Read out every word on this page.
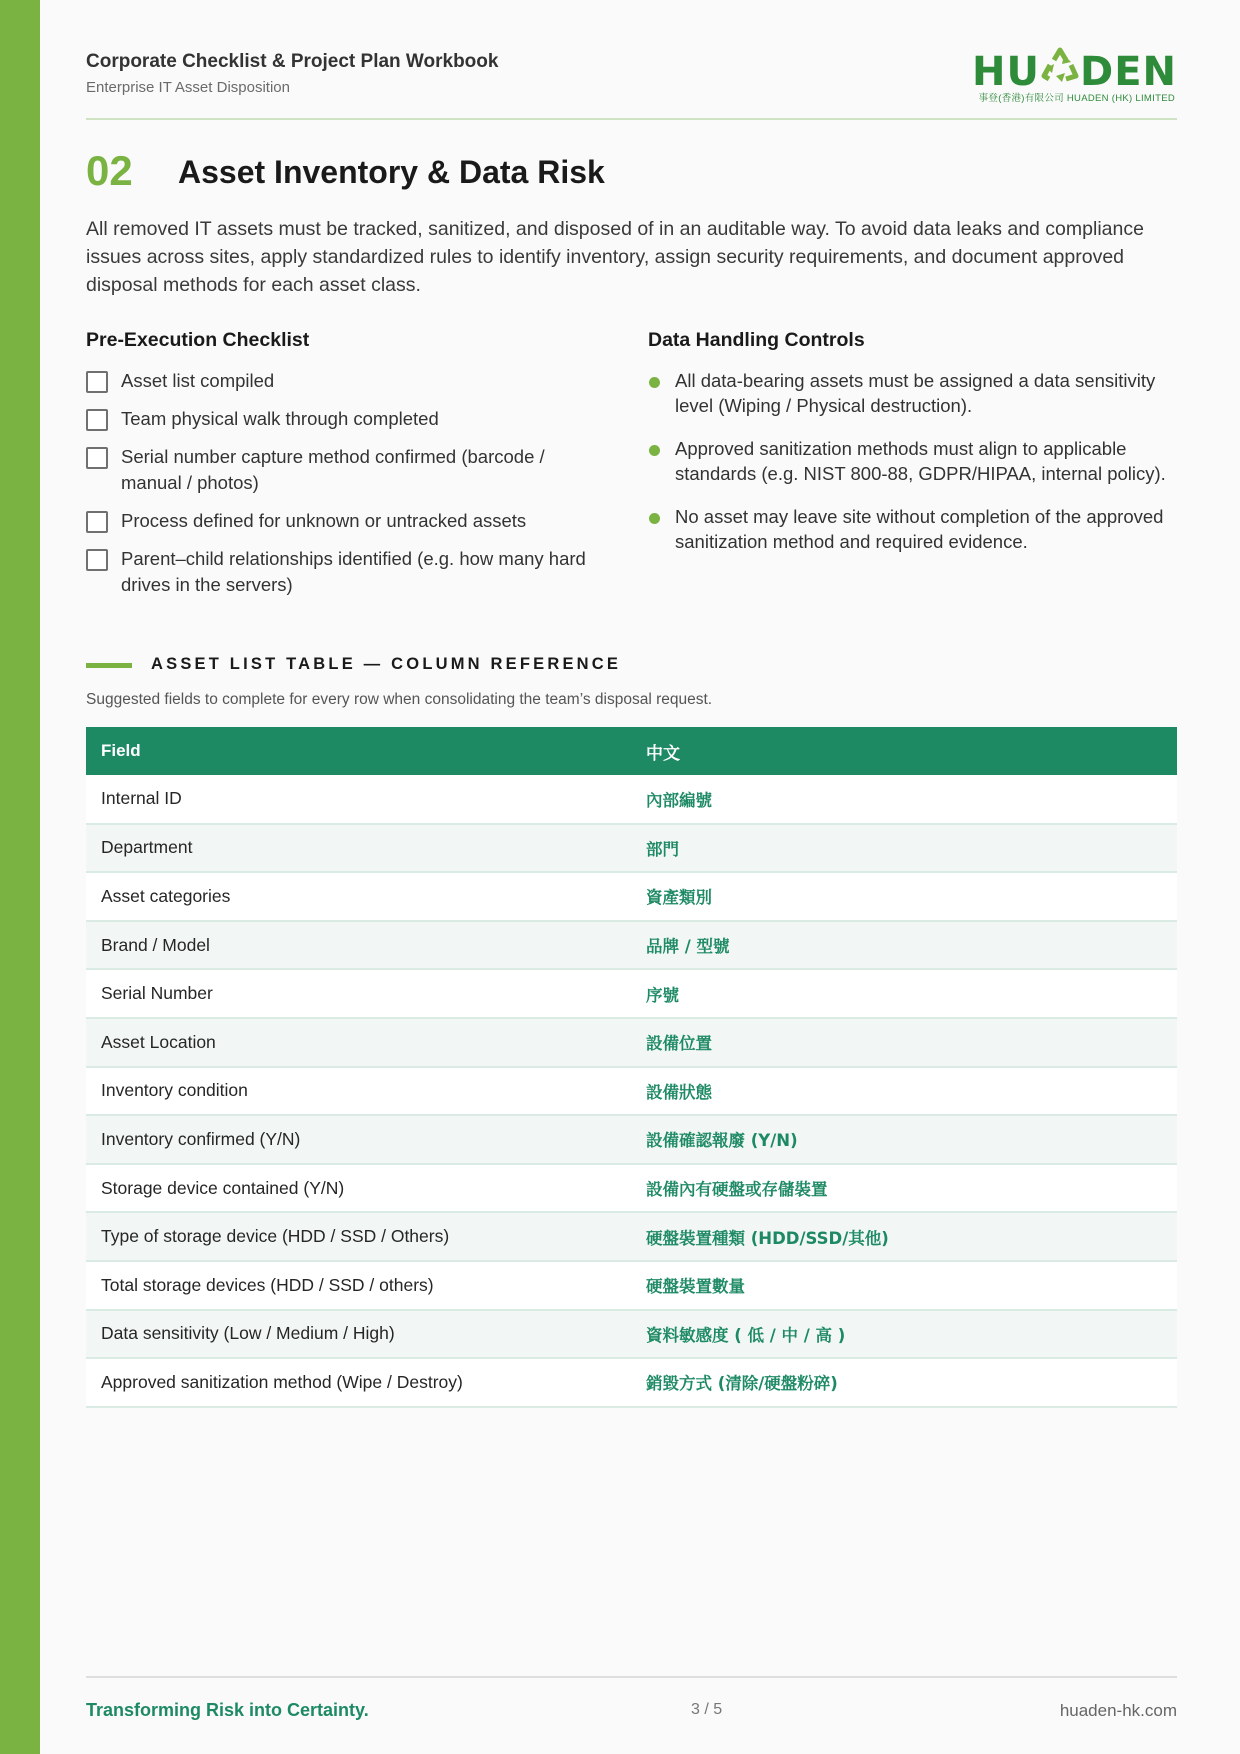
Corporate Checklist & Project Plan Workbook
Enterprise IT Asset Disposition	HU DEN
事登(香港)有限公司 HUADEN (HK) LIMITED
02 Asset Inventory & Data Risk

All removed IT assets must be tracked, sanitized, and disposed of in an auditable way. To avoid data leaks and compliance issues across sites, apply standardized rules to identify inventory, assign security requirements, and document approved disposal methods for each asset class.

Pre-Execution Checklist
Asset list compiled
Team physical walk through completed
Serial number capture method confirmed (barcode / manual / photos)
Process defined for unknown or untracked assets
Parent–child relationships identified (e.g. how many hard drives in the servers)
Data Handling Controls
All data-bearing assets must be assigned a data sensitivity level (Wiping / Physical destruction).
Approved sanitization methods must align to applicable standards (e.g. NIST 800-88, GDPR/HIPAA, internal policy).
No asset may leave site without completion of the approved sanitization method and required evidence.
ASSET LIST TABLE — COLUMN REFERENCE
Suggested fields to complete for every row when consolidating the team’s disposal request.
Field	中文
Internal ID	內部編號
Department	部門
Asset categories	資產類別
Brand / Model	品牌 / 型號
Serial Number	序號
Asset Location	設備位置
Inventory condition	設備狀態
Inventory confirmed (Y/N)	設備確認報廢 (Y/N)
Storage device contained (Y/N)	設備內有硬盤或存儲裝置
Type of storage device (HDD / SSD / Others)	硬盤裝置種類 (HDD/SSD/其他)
Total storage devices (HDD / SSD / others)	硬盤裝置數量
Data sensitivity (Low / Medium / High)	資料敏感度 ( 低 / 中 / 高 )
Approved sanitization method (Wipe / Destroy)	銷毀方式 (清除/硬盤粉碎)
Transforming Risk into Certainty.	3 / 5	huaden-hk.com
